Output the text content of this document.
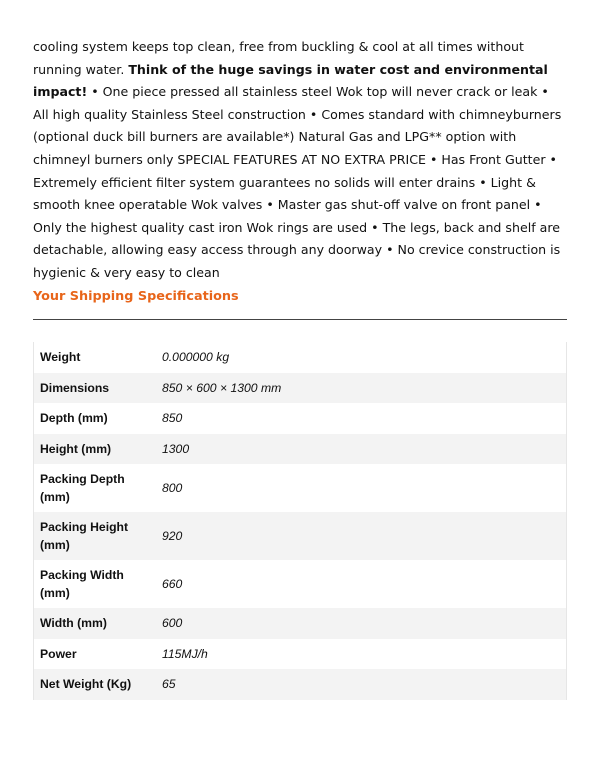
cooling system keeps top clean, free from buckling & cool at all times without running water. Think of the huge savings in water cost and environmental impact! • One piece pressed all stainless steel Wok top will never crack or leak • All high quality Stainless Steel construction • Comes standard with chimneyburners (optional duck bill burners are available*) Natural Gas and LPG** option with chimneyl burners only SPECIAL FEATURES AT NO EXTRA PRICE • Has Front Gutter • Extremely efficient filter system guarantees no solids will enter drains • Light & smooth knee operatable Wok valves • Master gas shut-off valve on front panel • Only the highest quality cast iron Wok rings are used • The legs, back and shelf are detachable, allowing easy access through any doorway • No crevice construction is hygienic & very easy to clean

Your Shipping Specifications
Weight	0.000000 kg
Dimensions	850 × 600 × 1300 mm
Depth (mm)	850
Height (mm)	1300
Packing Depth (mm)	800
Packing Height (mm)	920
Packing Width (mm)	660
Width (mm)	600
Power	115MJ/h
Net Weight (Kg)	65
